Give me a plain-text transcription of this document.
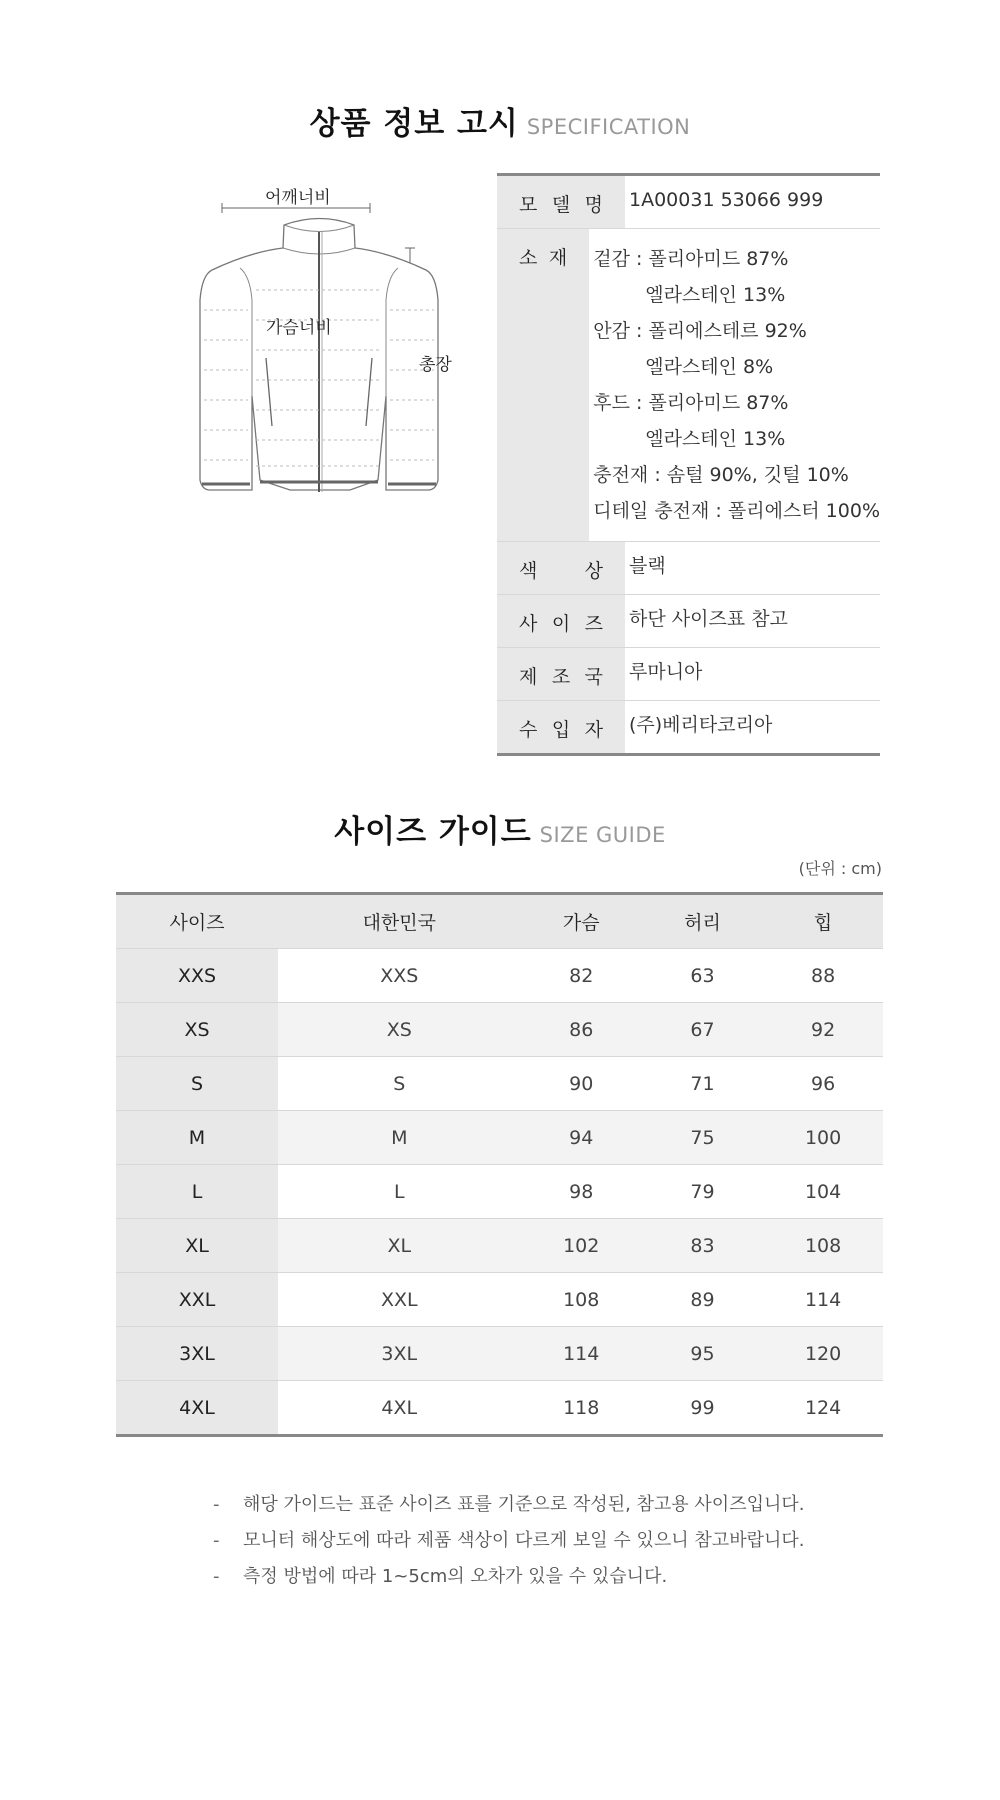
상품 정보 고시 SPECIFICATION
어깨너비
가슴너비
총장
모 델 명 1A00031 53066 999
소 재 겉감 : 폴리아미드 87%
엘라스테인 13%
안감 : 폴리에스테르 92%
엘라스테인 8%
후드 : 폴리아미드 87%
엘라스테인 13%
충전재 : 솜털 90%, 깃털 10%
디테일 충전재 : 폴리에스터 100%
색 상 블랙
사 이 즈 하단 사이즈표 참고
제 조 국 루마니아
수 입 자 (주)베리타코리아
사이즈 가이드 SIZE GUIDE
(단위 : cm)
사이즈	대한민국	가슴	허리	힙
XXS	XXS	82	63	88
XS	XS	86	67	92
S	S	90	71	96
M	M	94	75	100
L	L	98	79	104
XL	XL	102	83	108
XXL	XXL	108	89	114
3XL	3XL	114	95	120
4XL	4XL	118	99	124
- 해당 가이드는 표준 사이즈 표를 기준으로 작성된, 참고용 사이즈입니다.
- 모니터 해상도에 따라 제품 색상이 다르게 보일 수 있으니 참고바랍니다.
- 측정 방법에 따라 1~5cm의 오차가 있을 수 있습니다.
